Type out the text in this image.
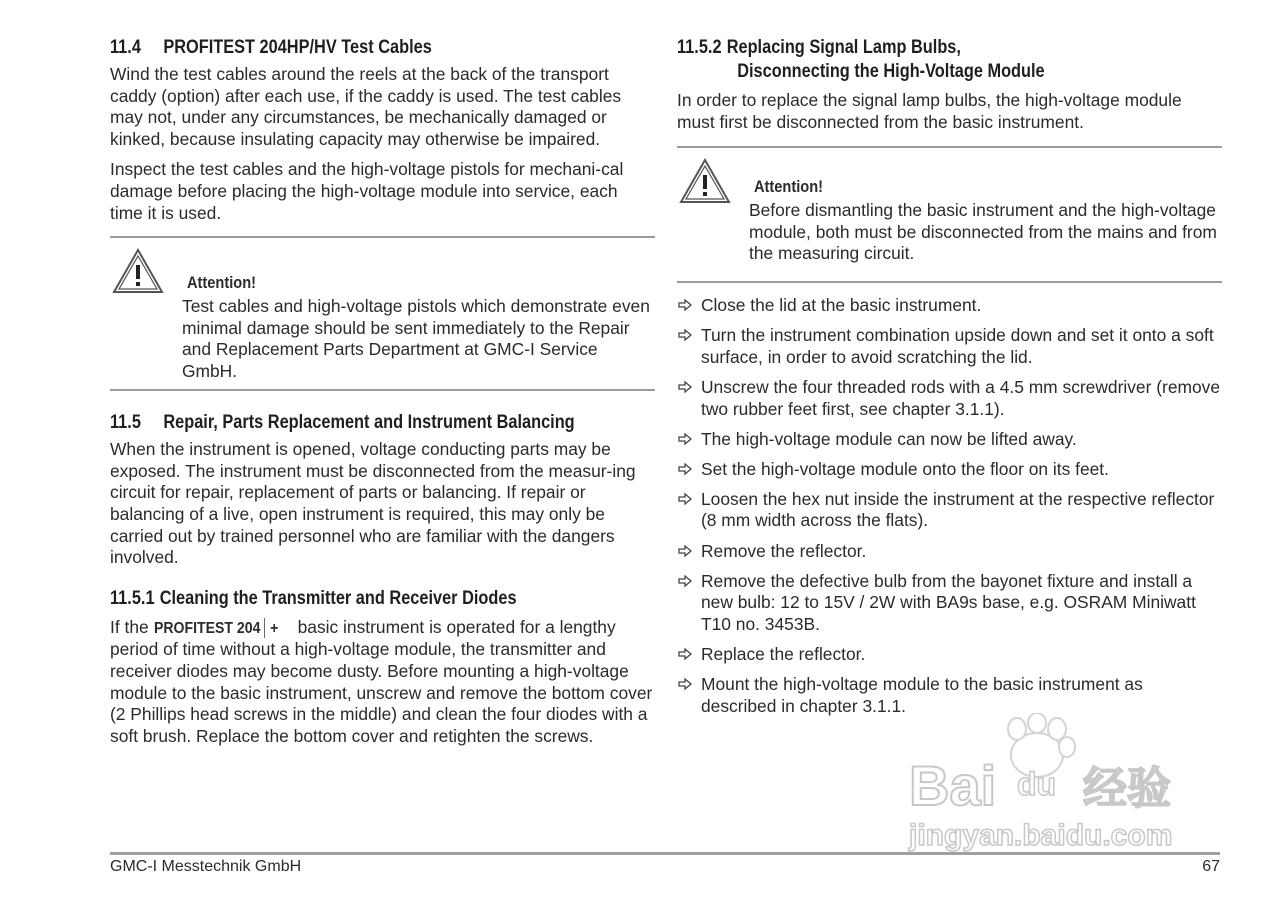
11.4 PROFITEST 204HP/HV Test Cables

Wind the test cables around the reels at the back of the transport caddy (option) after each use, if the caddy is used. The test cables may not, under any circumstances, be mechanically damaged or kinked, because insulating capacity may otherwise be impaired.

Inspect the test cables and the high-voltage pistols for mechani-cal damage before placing the high-voltage module into service, each time it is used.

Attention!

Test cables and high-voltage pistols which demonstrate even minimal damage should be sent immediately to the Repair and Replacement Parts Department at GMC-I Service GmbH.

11.5 Repair, Parts Replacement and Instrument Balancing

When the instrument is opened, voltage conducting parts may be exposed. The instrument must be disconnected from the measur-ing circuit for repair, replacement of parts or balancing. If repair or balancing of a live, open instrument is required, this may only be carried out by trained personnel who are familiar with the dangers involved.

11.5.1 Cleaning the Transmitter and Receiver Diodes

If the PROFITEST 204 + basic instrument is operated for a lengthy period of time without a high-voltage module, the transmitter and receiver diodes may become dusty. Before mounting a high-voltage module to the basic instrument, unscrew and remove the bottom cover (2 Phillips head screws in the middle) and clean the four diodes with a soft brush. Replace the bottom cover and retighten the screws.

11.5.2 Replacing Signal Lamp Bulbs,
Disconnecting the High-Voltage Module

In order to replace the signal lamp bulbs, the high-voltage module must first be disconnected from the basic instrument.

Attention!

Before dismantling the basic instrument and the high-voltage module, both must be disconnected from the mains and from the measuring circuit.

Close the lid at the basic instrument.
Turn the instrument combination upside down and set it onto a soft surface, in order to avoid scratching the lid.
Unscrew the four threaded rods with a 4.5 mm screwdriver (remove two rubber feet first, see chapter 3.1.1).
The high-voltage module can now be lifted away.
Set the high-voltage module onto the floor on its feet.
Loosen the hex nut inside the instrument at the respective reflector (8 mm width across the flats).
Remove the reflector.
Remove the defective bulb from the bayonet fixture and install a new bulb: 12 to 15V / 2W with BA9s base, e.g. OSRAM Miniwatt T10 no. 3453B.
Replace the reflector.
Mount the high-voltage module to the basic instrument as described in chapter 3.1.1.
Bai du 经验
jingyan.baidu.com
GMC-I Messtechnik GmbH	67
